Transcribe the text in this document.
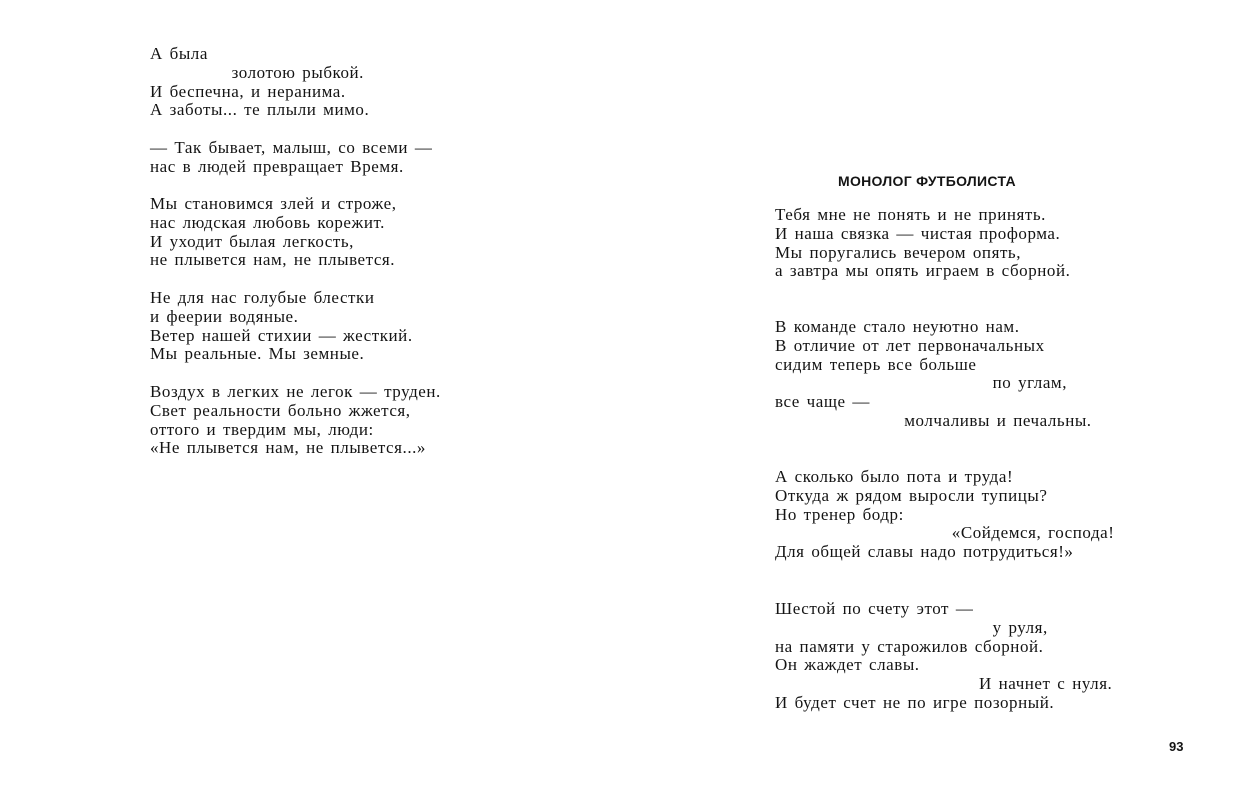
А была
золотою рыбкой.
И беспечна, и неранима.
А заботы... те плыли мимо.
— Так бывает, малыш, со всеми —
нас в людей превращает Время.
Мы становимся злей и строже,
нас людская любовь корежит.
И уходит былая легкость,
не плывется нам, не плывется.
Не для нас голубые блестки
и феерии водяные.
Ветер нашей стихии — жесткий.
Мы реальные. Мы земные.
Воздух в легких не легок — труден.
Свет реальности больно жжется,
оттого и твердим мы, люди:
«Не плывется нам, не плывется...»
МОНОЛОГ ФУТБОЛИСТА
Тебя мне не понять и не принять.
И наша связка — чистая проформа.
Мы поругались вечером опять,
а завтра мы опять играем в сборной.
В команде стало неуютно нам.
В отличие от лет первоначальных
сидим теперь все больше
по углам,
все чаще —
молчаливы и печальны.
А сколько было пота и труда!
Откуда ж рядом выросли тупицы?
Но тренер бодр:
«Сойдемся, господа!
Для общей славы надо потрудиться!»
Шестой по счету этот —
у руля,
на памяти у старожилов сборной.
Он жаждет славы.
И начнет с нуля.
И будет счет не по игре позорный.
93
